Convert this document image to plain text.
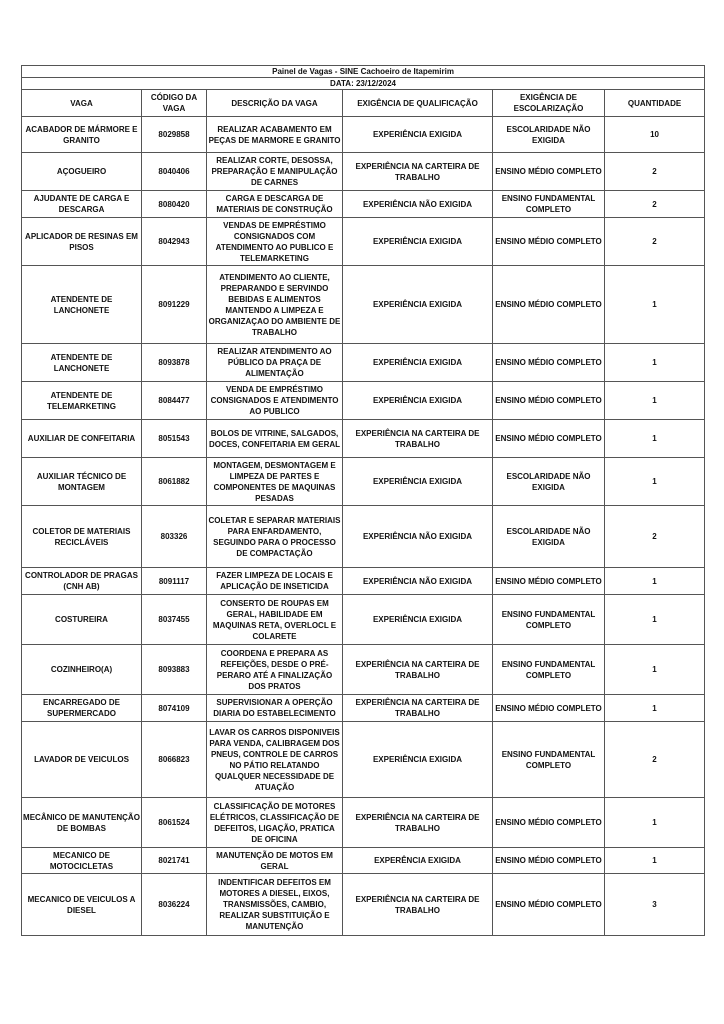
Painel de Vagas - SINE Cachoeiro de Itapemirim					
DATA: 23/12/2024					
VAGA	CÓDIGO DA VAGA	DESCRIÇÃO DA VAGA	EXIGÊNCIA DE QUALIFICAÇÃO	EXIGÊNCIA DE ESCOLARIZAÇÃO	QUANTIDADE
ACABADOR DE MÁRMORE E GRANITO	8029858	REALIZAR ACABAMENTO EM PEÇAS DE MARMORE E GRANITO	EXPERIÊNCIA EXIGIDA	ESCOLARIDADE NÃO EXIGIDA	10
AÇOGUEIRO	8040406	REALIZAR CORTE, DESOSSA, PREPARAÇÃO E MANIPULAÇÃO DE CARNES	EXPERIÊNCIA NA CARTEIRA DE TRABALHO	ENSINO MÉDIO COMPLETO	2
AJUDANTE DE CARGA E DESCARGA	8080420	CARGA E DESCARGA DE MATERIAIS DE CONSTRUÇÃO	EXPERIÊNCIA NÃO EXIGIDA	ENSINO FUNDAMENTAL COMPLETO	2
APLICADOR DE RESINAS EM PISOS	8042943	VENDAS DE EMPRÉSTIMO CONSIGNADOS COM ATENDIMENTO AO PUBLICO E TELEMARKETING	EXPERIÊNCIA EXIGIDA	ENSINO MÉDIO COMPLETO	2
ATENDENTE DE LANCHONETE	8091229	ATENDIMENTO AO CLIENTE, PREPARANDO E SERVINDO BEBIDAS E ALIMENTOS MANTENDO A LIMPEZA E ORGANIZAÇAO DO AMBIENTE DE TRABALHO	EXPERIÊNCIA EXIGIDA	ENSINO MÉDIO COMPLETO	1
ATENDENTE DE LANCHONETE	8093878	REALIZAR ATENDIMENTO AO PÚBLICO DA PRAÇA DE ALIMENTAÇÃO	EXPERIÊNCIA EXIGIDA	ENSINO MÉDIO COMPLETO	1
ATENDENTE DE TELEMARKETING	8084477	VENDA DE EMPRÉSTIMO CONSIGNADOS E ATENDIMENTO AO PUBLICO	EXPERIÊNCIA EXIGIDA	ENSINO MÉDIO COMPLETO	1
AUXILIAR DE CONFEITARIA	8051543	BOLOS DE VITRINE, SALGADOS, DOCES, CONFEITARIA EM GERAL	EXPERIÊNCIA NA CARTEIRA DE TRABALHO	ENSINO MÉDIO COMPLETO	1
AUXILIAR TÉCNICO DE MONTAGEM	8061882	MONTAGEM, DESMONTAGEM E LIMPEZA DE PARTES E COMPONENTES DE MAQUINAS PESADAS	EXPERIÊNCIA EXIGIDA	ESCOLARIDADE NÃO EXIGIDA	1
COLETOR DE MATERIAIS RECICLÁVEIS	803326	COLETAR E SEPARAR MATERIAIS PARA ENFARDAMENTO, SEGUINDO PARA O PROCESSO DE COMPACTAÇÃO	EXPERIÊNCIA NÃO EXIGIDA	ESCOLARIDADE NÃO EXIGIDA	2
CONTROLADOR DE PRAGAS (CNH AB)	8091117	FAZER LIMPEZA DE LOCAIS E APLICAÇÃO DE INSETICIDA	EXPERIÊNCIA NÃO EXIGIDA	ENSINO MÉDIO COMPLETO	1
COSTUREIRA	8037455	CONSERTO DE ROUPAS EM GERAL, HABILIDADE EM MAQUINAS RETA, OVERLOCL E COLARETE	EXPERIÊNCIA EXIGIDA	ENSINO FUNDAMENTAL COMPLETO	1
COZINHEIRO(A)	8093883	COORDENA E PREPARA AS REFEIÇÕES, DESDE O PRÉ-PERARO ATÉ A FINALIZAÇÃO DOS PRATOS	EXPERIÊNCIA NA CARTEIRA DE TRABALHO	ENSINO FUNDAMENTAL COMPLETO	1
ENCARREGADO DE SUPERMERCADO	8074109	SUPERVISIONAR A OPERÇÃO DIARIA DO ESTABELECIMENTO	EXPERIÊNCIA NA CARTEIRA DE TRABALHO	ENSINO MÉDIO COMPLETO	1
LAVADOR DE VEICULOS	8066823	LAVAR OS CARROS DISPONIVEIS PARA VENDA, CALIBRAGEM DOS PNEUS, CONTROLE DE CARROS NO PÁTIO RELATANDO QUALQUER NECESSIDADE DE ATUAÇÃO	EXPERIÊNCIA EXIGIDA	ENSINO FUNDAMENTAL COMPLETO	2
MECÂNICO DE MANUTENÇÃO DE BOMBAS	8061524	CLASSIFICAÇÃO DE MOTORES ELÉTRICOS, CLASSIFICAÇÃO DE DEFEITOS, LIGAÇÃO, PRATICA DE OFICINA	EXPERIÊNCIA NA CARTEIRA DE TRABALHO	ENSINO MÉDIO COMPLETO	1
MECANICO DE MOTOCICLETAS	8021741	MANUTENÇÃO DE MOTOS EM GERAL	EXPERÊNCIA EXIGIDA	ENSINO MÉDIO COMPLETO	1
MECANICO DE VEICULOS A DIESEL	8036224	INDENTIFICAR DEFEITOS EM MOTORES A DIESEL, EIXOS, TRANSMISSÕES, CAMBIO, REALIZAR SUBSTITUIÇÃO E MANUTENÇÃO	EXPERIÊNCIA NA CARTEIRA DE TRABALHO	ENSINO MÉDIO COMPLETO	3
